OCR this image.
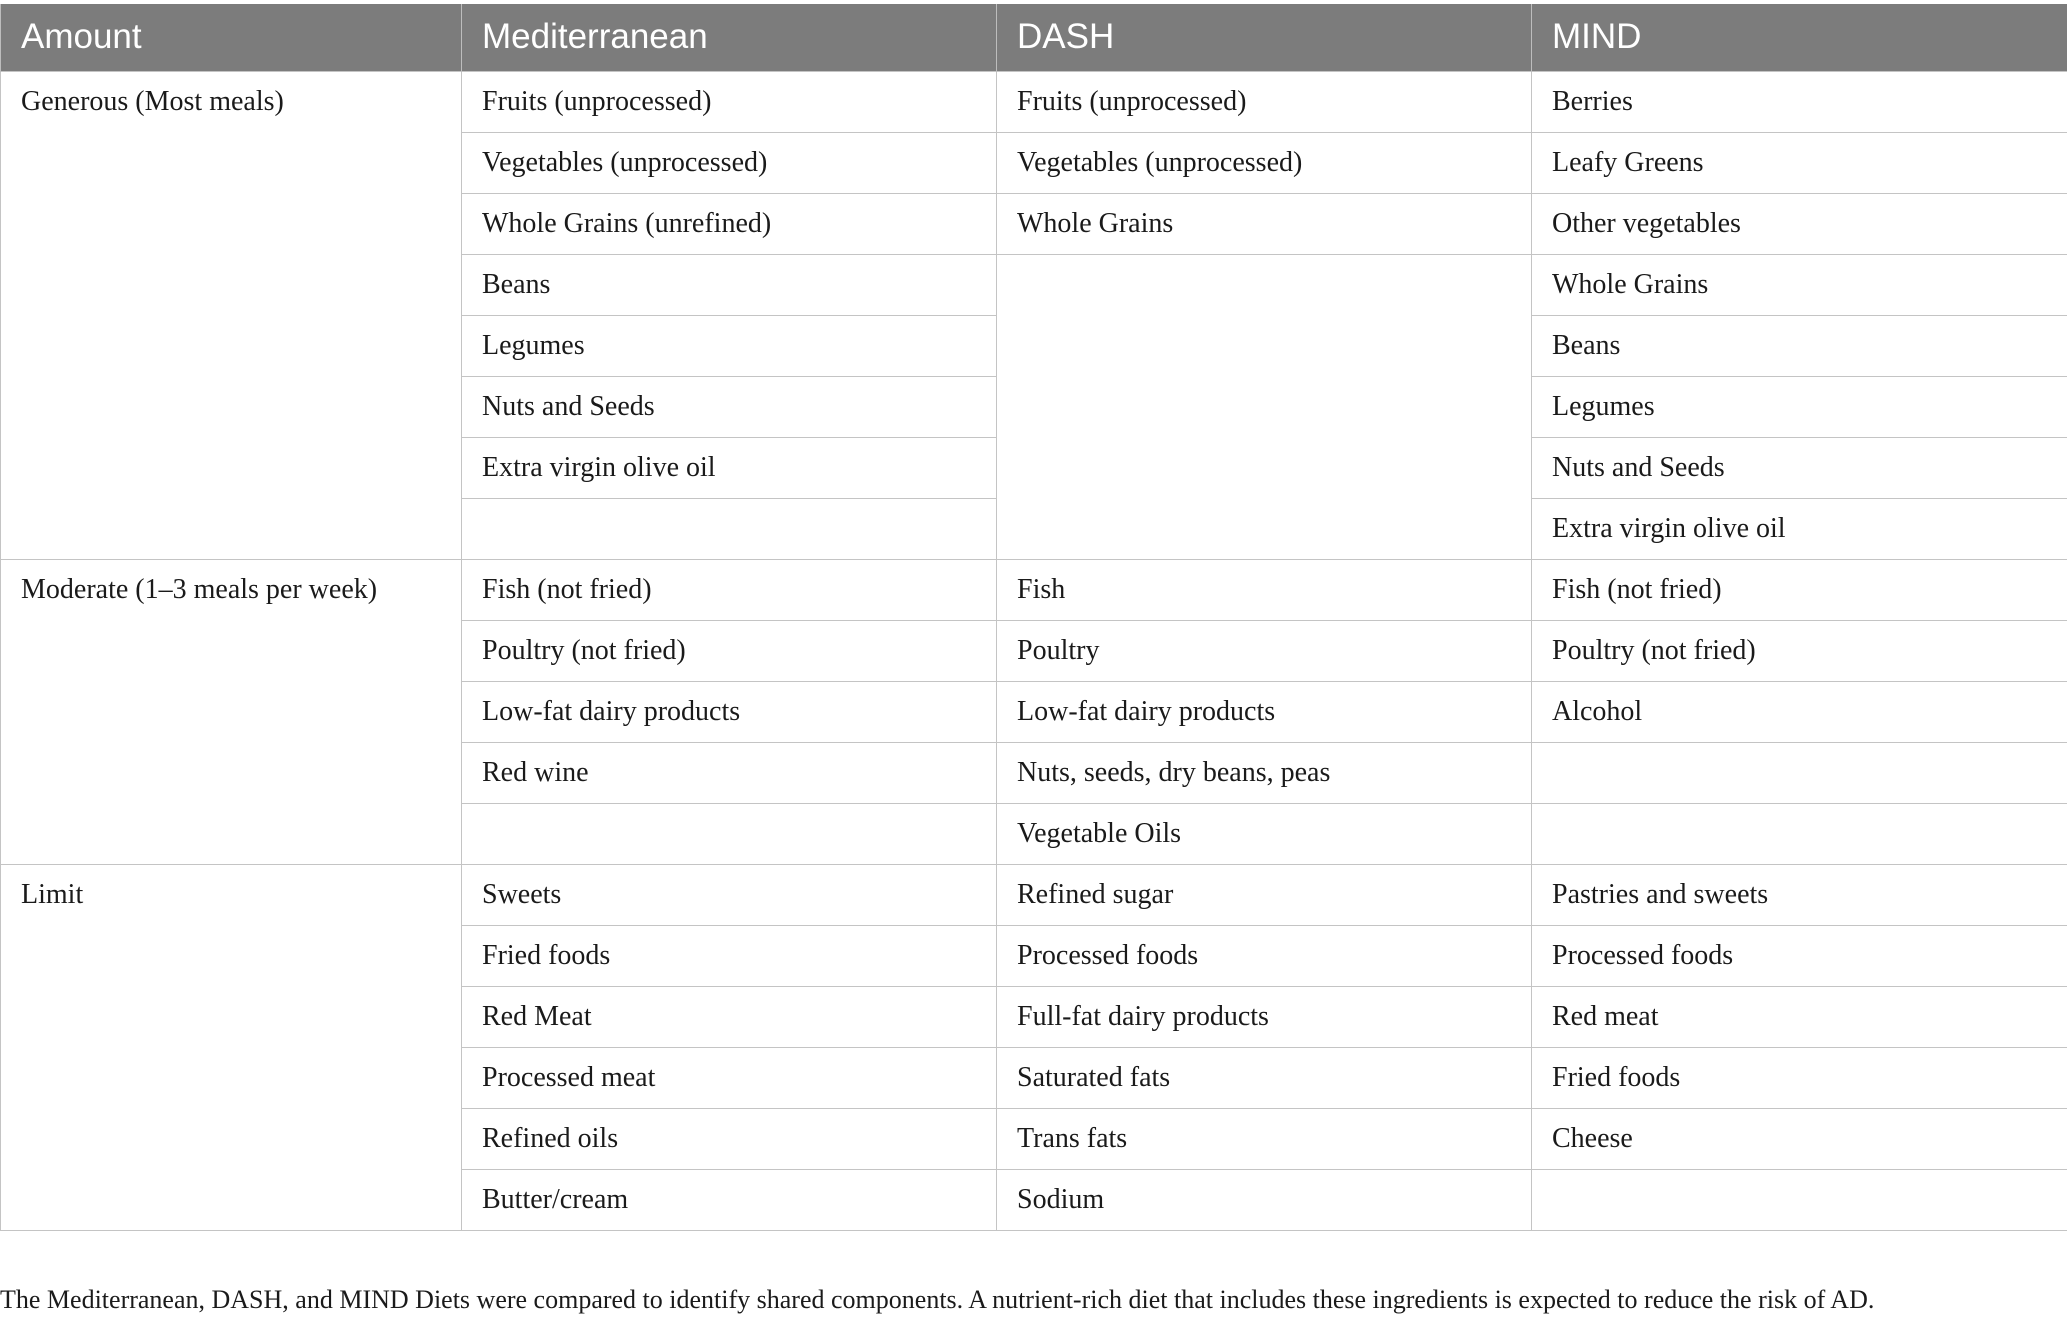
Amount	Mediterranean	DASH	MIND
Generous (Most meals)	Fruits (unprocessed)	Fruits (unprocessed)	Berries
	Vegetables (unprocessed)	Vegetables (unprocessed)	Leafy Greens
	Whole Grains (unrefined)	Whole Grains	Other vegetables
	Beans		Whole Grains
	Legumes		Beans
	Nuts and Seeds		Legumes
	Extra virgin olive oil		Nuts and Seeds
			Extra virgin olive oil
Moderate (1–3 meals per week)	Fish (not fried)	Fish	Fish (not fried)
	Poultry (not fried)	Poultry	Poultry (not fried)
	Low-fat dairy products	Low-fat dairy products	Alcohol
	Red wine	Nuts, seeds, dry beans, peas	
		Vegetable Oils	
Limit	Sweets	Refined sugar	Pastries and sweets
	Fried foods	Processed foods	Processed foods
	Red Meat	Full-fat dairy products	Red meat
	Processed meat	Saturated fats	Fried foods
	Refined oils	Trans fats	Cheese
	Butter/cream	Sodium	
The Mediterranean, DASH, and MIND Diets were compared to identify shared components. A nutrient-rich diet that includes these ingredients is expected to reduce the risk of AD.
